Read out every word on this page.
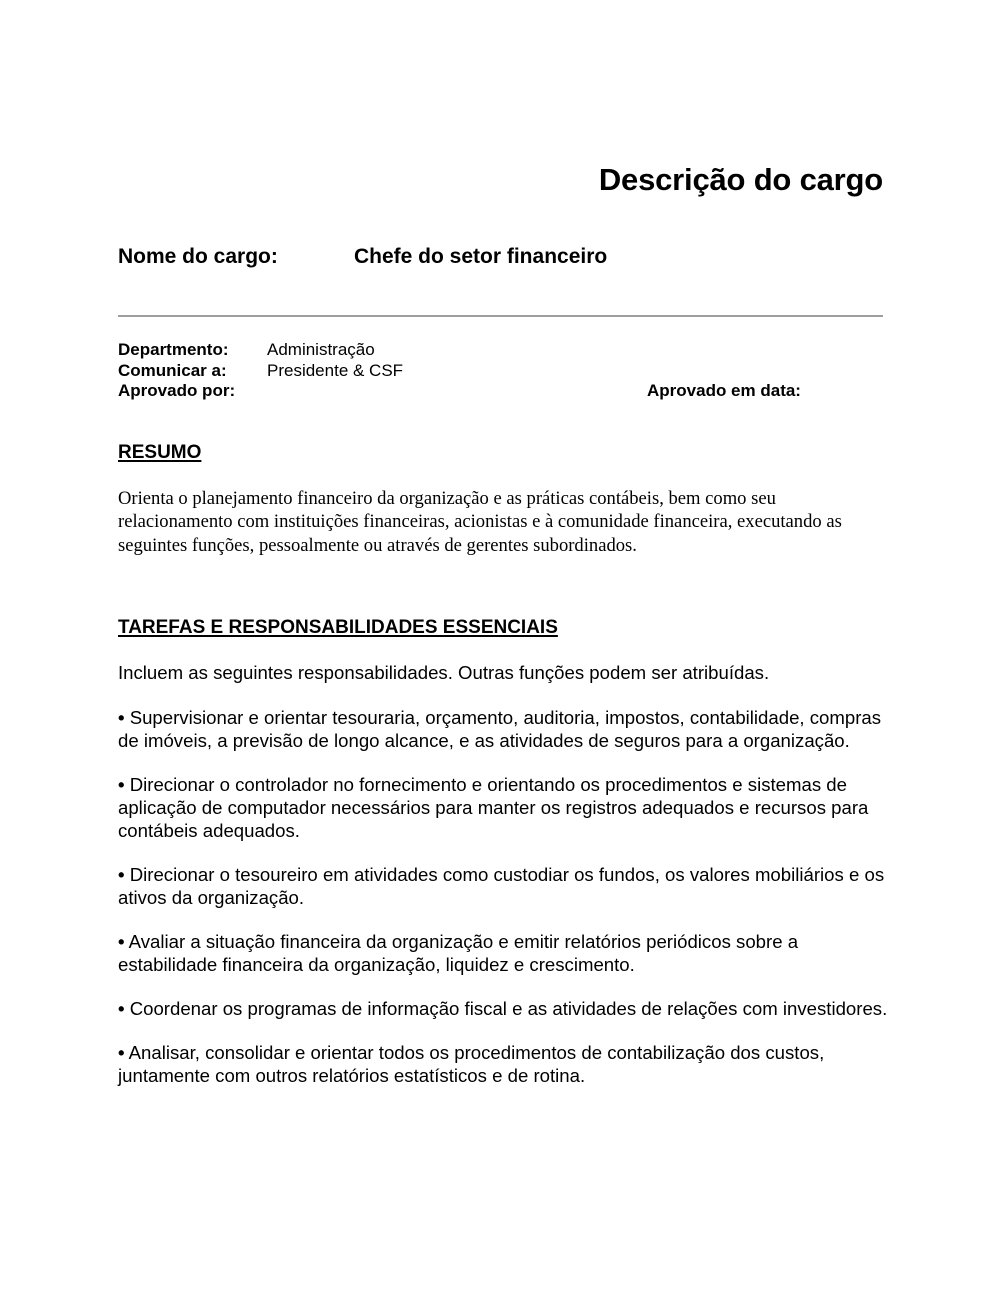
Descrição do cargo
Nome do cargo:	Chefe do setor financeiro
Departmento: Administração
Comunicar a: Presidente & CSF
Aprovado por:	Aprovado em data:
RESUMO

Orienta o planejamento financeiro da organização e as práticas contábeis, bem como seu relacionamento com instituições financeiras, acionistas e à comunidade financeira, executando as seguintes funções, pessoalmente ou através de gerentes subordinados.

TAREFAS E RESPONSABILIDADES ESSENCIAIS

Incluem as seguintes responsabilidades. Outras funções podem ser atribuídas.

• Supervisionar e orientar tesouraria, orçamento, auditoria, impostos, contabilidade, compras de imóveis, a previsão de longo alcance, e as atividades de seguros para a organização.
• Direcionar o controlador no fornecimento e orientando os procedimentos e sistemas de aplicação de computador necessários para manter os registros adequados e recursos para contábeis adequados.
• Direcionar o tesoureiro em atividades como custodiar os fundos, os valores mobiliários e os ativos da organização.
• Avaliar a situação financeira da organização e emitir relatórios periódicos sobre a estabilidade financeira da organização, liquidez e crescimento.
• Coordenar os programas de informação fiscal e as atividades de relações com investidores.
• Analisar, consolidar e orientar todos os procedimentos de contabilização dos custos, juntamente com outros relatórios estatísticos e de rotina.
